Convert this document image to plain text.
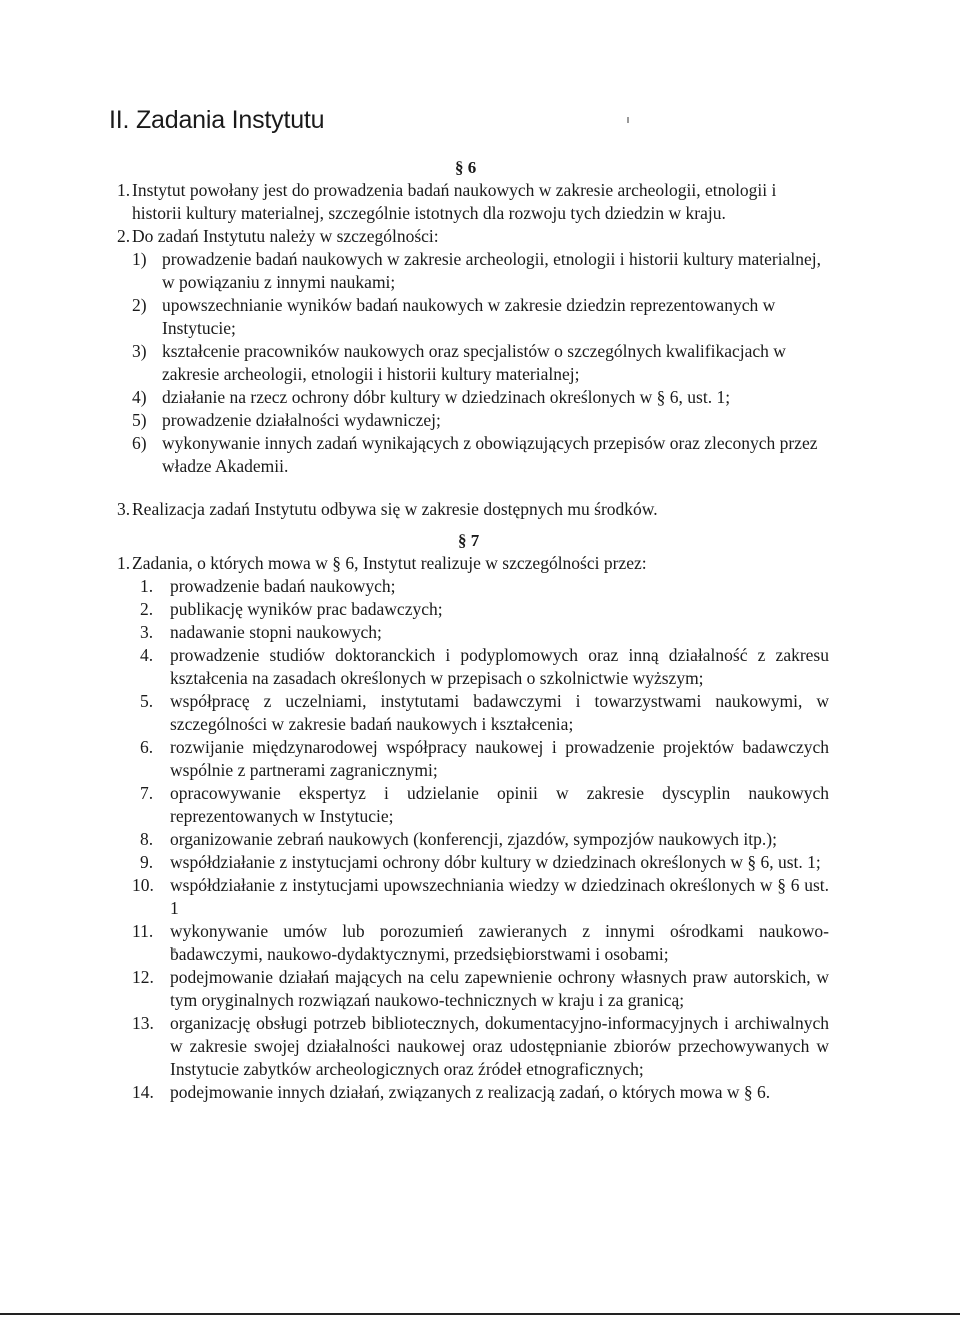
II. Zadania Instytutu
§ 6
1. Instytut powołany jest do prowadzenia badań naukowych w zakresie archeologii, etnologii i historii kultury materialnej, szczególnie istotnych dla rozwoju tych dziedzin w kraju.
2. Do zadań Instytutu należy w szczególności:
1) prowadzenie badań naukowych w zakresie archeologii, etnologii i historii kultury materialnej, w powiązaniu z innymi naukami;
2) upowszechnianie wyników badań naukowych w zakresie dziedzin reprezentowanych w Instytucie;
3) kształcenie pracowników naukowych oraz specjalistów o szczególnych kwalifikacjach w zakresie archeologii, etnologii i historii kultury materialnej;
4) działanie na rzecz ochrony dóbr kultury w dziedzinach określonych w § 6, ust. 1;
5) prowadzenie działalności wydawniczej;
6) wykonywanie innych zadań wynikających z obowiązujących przepisów oraz zleconych przez władze Akademii.
3. Realizacja zadań Instytutu odbywa się w zakresie dostępnych mu środków.
§ 7
1. Zadania, o których mowa w § 6, Instytut realizuje w szczególności przez:
1. prowadzenie badań naukowych;
2. publikację wyników prac badawczych;
3. nadawanie stopni naukowych;
4. prowadzenie studiów doktoranckich i podyplomowych oraz inną działalność z zakresu kształcenia na zasadach określonych w przepisach o szkolnictwie wyższym;
5. współpracę z uczelniami, instytutami badawczymi i towarzystwami naukowymi, w szczególności w zakresie badań naukowych i kształcenia;
6. rozwijanie międzynarodowej współpracy naukowej i prowadzenie projektów badawczych wspólnie z partnerami zagranicznymi;
7. opracowywanie ekspertyz i udzielanie opinii w zakresie dyscyplin naukowych reprezentowanych w Instytucie;
8. organizowanie zebrań naukowych (konferencji, zjazdów, sympozjów naukowych itp.);
9. współdziałanie z instytucjami ochrony dóbr kultury w dziedzinach określonych w § 6, ust. 1;
10. współdziałanie z instytucjami upowszechniania wiedzy w dziedzinach określonych w § 6 ust. 1
11. wykonywanie umów lub porozumień zawieranych z innymi ośrodkami naukowo-badawczymi, naukowo-dydaktycznymi, przedsiębiorstwami i osobami;
12. podejmowanie działań mających na celu zapewnienie ochrony własnych praw autorskich, w tym oryginalnych rozwiązań naukowo-technicznych w kraju i za granicą;
13. organizację obsługi potrzeb bibliotecznych, dokumentacyjno-informacyjnych i archiwalnych w zakresie swojej działalności naukowej oraz udostępnianie zbiorów przechowywanych w Instytucie zabytków archeologicznych oraz źródeł etnograficznych;
14. podejmowanie innych działań, związanych z realizacją zadań, o których mowa w § 6.
